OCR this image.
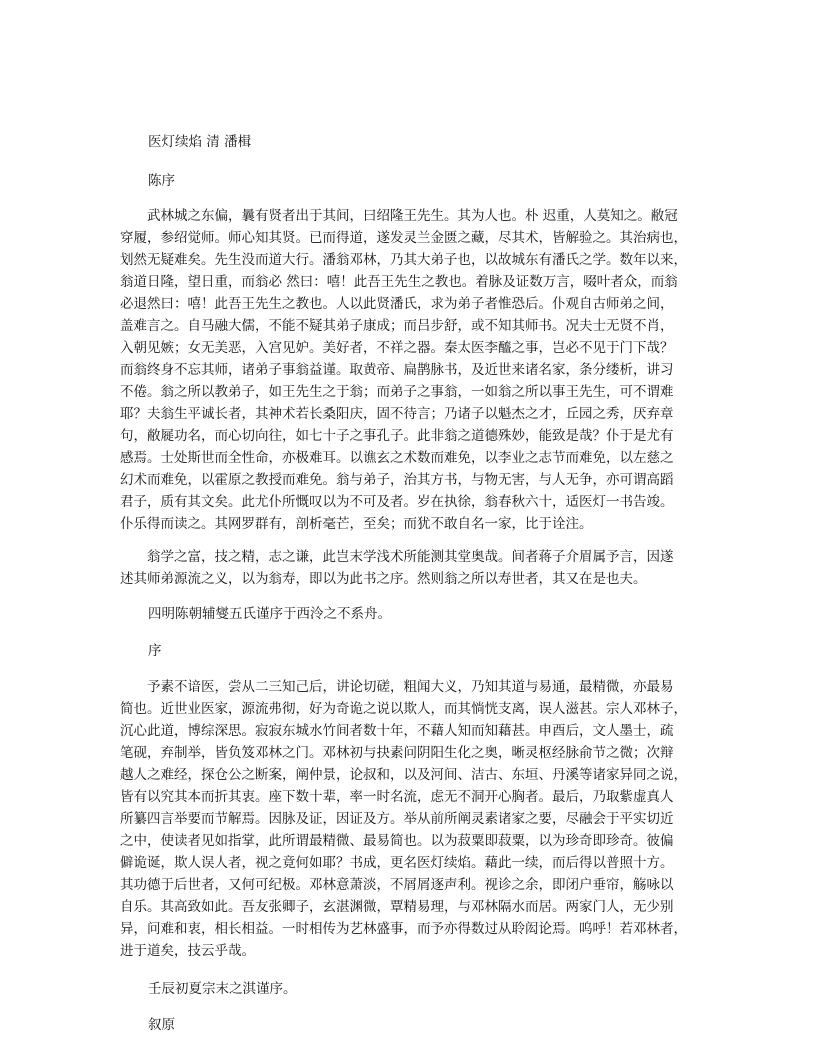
医灯续焰 清 潘楫

陈序

　　武林城之东偏，曩有贤者出于其间，曰绍隆王先生。其为人也。朴 迟重，人莫知之。敝冠

穿履，参绍觉师。师心知其贤。已而得道，遂发灵兰金匮之藏，尽其术，皆解验之。其治病也，

划然无疑难矣。先生没而道大行。潘翁邓林，乃其大弟子也，以故城东有潘氏之学。数年以来，

翁道日隆，望日重，而翁必 然曰：嘻！此吾王先生之教也。着脉及证数万言，啜叶者众，而翁

必退然曰：嘻！此吾王先生之教也。人以此贤潘氏，求为弟子者惟恐后。仆观自古师弟之间，

盖难言之。自马融大儒，不能不疑其弟子康成；而吕步舒，或不知其师书。况夫士无贤不肖，

入朝见嫉；女无美恶，入宫见妒。美好者，不祥之器。秦太医李醯之事，岂必不见于门下哉？

而翁终身不忘其师，诸弟子事翁益谨。取黄帝、扁鹊脉书，及近世来诸名家，条分缕析，讲习

不倦。翁之所以教弟子，如王先生之于翁；而弟子之事翁，一如翁之所以事王先生，可不谓难

耶？夫翁生平诚长者，其神术若长桑阳庆，固不待言；乃诸子以魁杰之才，丘园之秀，厌弃章

句，敝屣功名，而心切向往，如七十子之事孔子。此非翁之道德殊妙，能致是哉？仆于是尤有

感焉。士处斯世而全性命，亦极难耳。以谯玄之术数而难免，以李业之志节而难免，以左慈之

幻术而难免，以霍原之教授而难免。翁与弟子，治其方书，与物无害，与人无争，亦可谓高蹈

君子，质有其文矣。此尤仆所慨叹以为不可及者。岁在执徐，翁春秋六十，适医灯一书告竣。

仆乐得而读之。其网罗群有，剖析毫芒，至矣；而犹不敢自名一家，比于诠注。

　　翁学之富，技之精，志之谦，此岂末学浅术所能测其堂奥哉。间者蒋子介眉属予言，因遂

述其师弟源流之义，以为翁寿，即以为此书之序。然则翁之所以寿世者，其又在是也夫。

四明陈朝辅燮五氏谨序于西泠之不系舟。

序

　　予素不谙医，尝从二三知己后，讲论切磋，粗闻大义，乃知其道与易通，最精微，亦最易

简也。近世业医家，源流弗彻，好为奇诡之说以欺人，而其惝恍支离，误人滋甚。宗人邓林子，

沉心此道，博综深思。寂寂东城水竹间者数十年，不藉人知而知藉甚。申酉后，文人墨士，疏

笔砚，弃制举，皆负笈邓林之门。邓林初与抉素问阴阳生化之奥，晰灵枢经脉俞节之微；次辩

越人之难经，探仓公之断案，阐仲景，论叔和，以及河间、洁古、东垣、丹溪等诸家异同之说，

皆有以究其本而折其衷。座下数十辈，率一时名流，虑无不洞开心胸者。最后，乃取紫虚真人

所纂四言举要而节解焉。因脉及证，因证及方。举从前所阐灵素诸家之要，尽融会于平实切近

之中，使读者见如指掌，此所谓最精微、最易简也。以为菽粟即菽粟，以为珍奇即珍奇。彼偏

僻诡诞，欺人误人者，视之竟何如耶？书成，更名医灯续焰。藉此一续，而后得以普照十方。

其功德于后世者，又何可纪极。邓林意萧淡，不屑屑逐声利。视诊之余，即闭户垂帘，觞咏以

自乐。其高致如此。吾友张卿子，玄湛渊微，覃精易理，与邓林隔水而居。两家门人，无少别

异，问难和衷，相长相益。一时相传为艺林盛事，而予亦得数过从聆闳论焉。呜呼！若邓林者，

进于道矣，技云乎哉。

壬辰初夏宗末之淇谨序。

叙原
